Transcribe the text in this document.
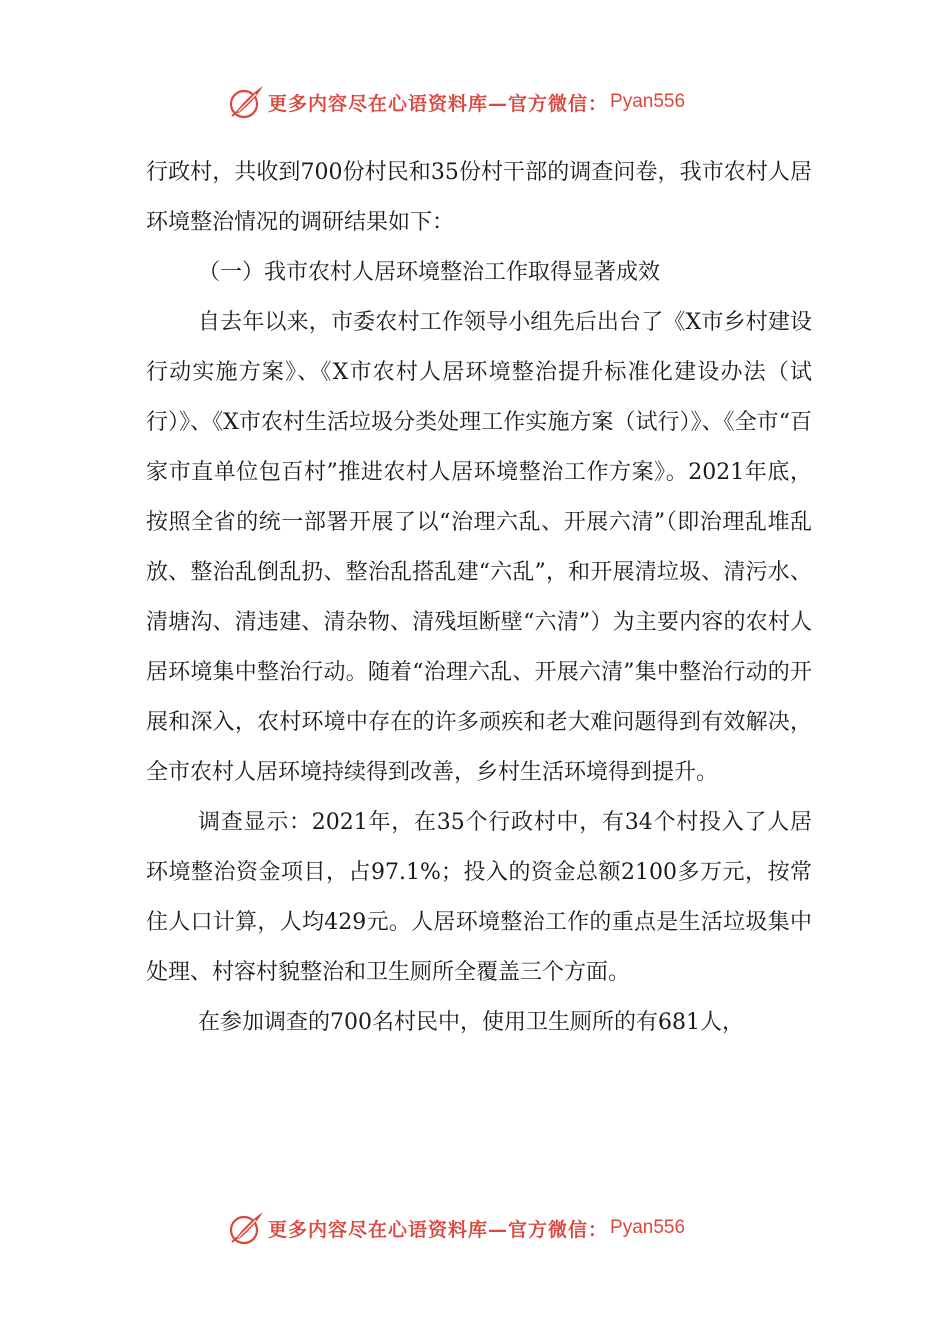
更多内容尽在心语资料库—官方微信： Pyan556

行政村，共收到700份村民和35份村干部的调查问卷，我市农村人居环境整治情况的调研结果如下：

（一）我市农村人居环境整治工作取得显著成效

自去年以来，市委农村工作领导小组先后出台了《X市乡村建设行动实施方案》、《X市农村人居环境整治提升标准化建设办法（试行）》、《X市农村生活垃圾分类处理工作实施方案（试行）》、《全市“百家市直单位包百村”推进农村人居环境整治工作方案》。2021年底，按照全省的统一部署开展了以“治理六乱、开展六清”（即治理乱堆乱放、整治乱倒乱扔、整治乱搭乱建“六乱”，和开展清垃圾、清污水、清塘沟、清违建、清杂物、清残垣断壁“六清”）为主要内容的农村人居环境集中整治行动。随着“治理六乱、开展六清”集中整治行动的开展和深入，农村环境中存在的许多顽疾和老大难问题得到有效解决，全市农村人居环境持续得到改善，乡村生活环境得到提升。

调查显示：2021年，在35个行政村中，有34个村投入了人居环境整治资金项目，占97.1%；投入的资金总额2100多万元，按常住人口计算，人均429元。人居环境整治工作的重点是生活垃圾集中处理、村容村貌整治和卫生厕所全覆盖三个方面。

在参加调查的700名村民中，使用卫生厕所的有681人，

更多内容尽在心语资料库—官方微信： Pyan556
